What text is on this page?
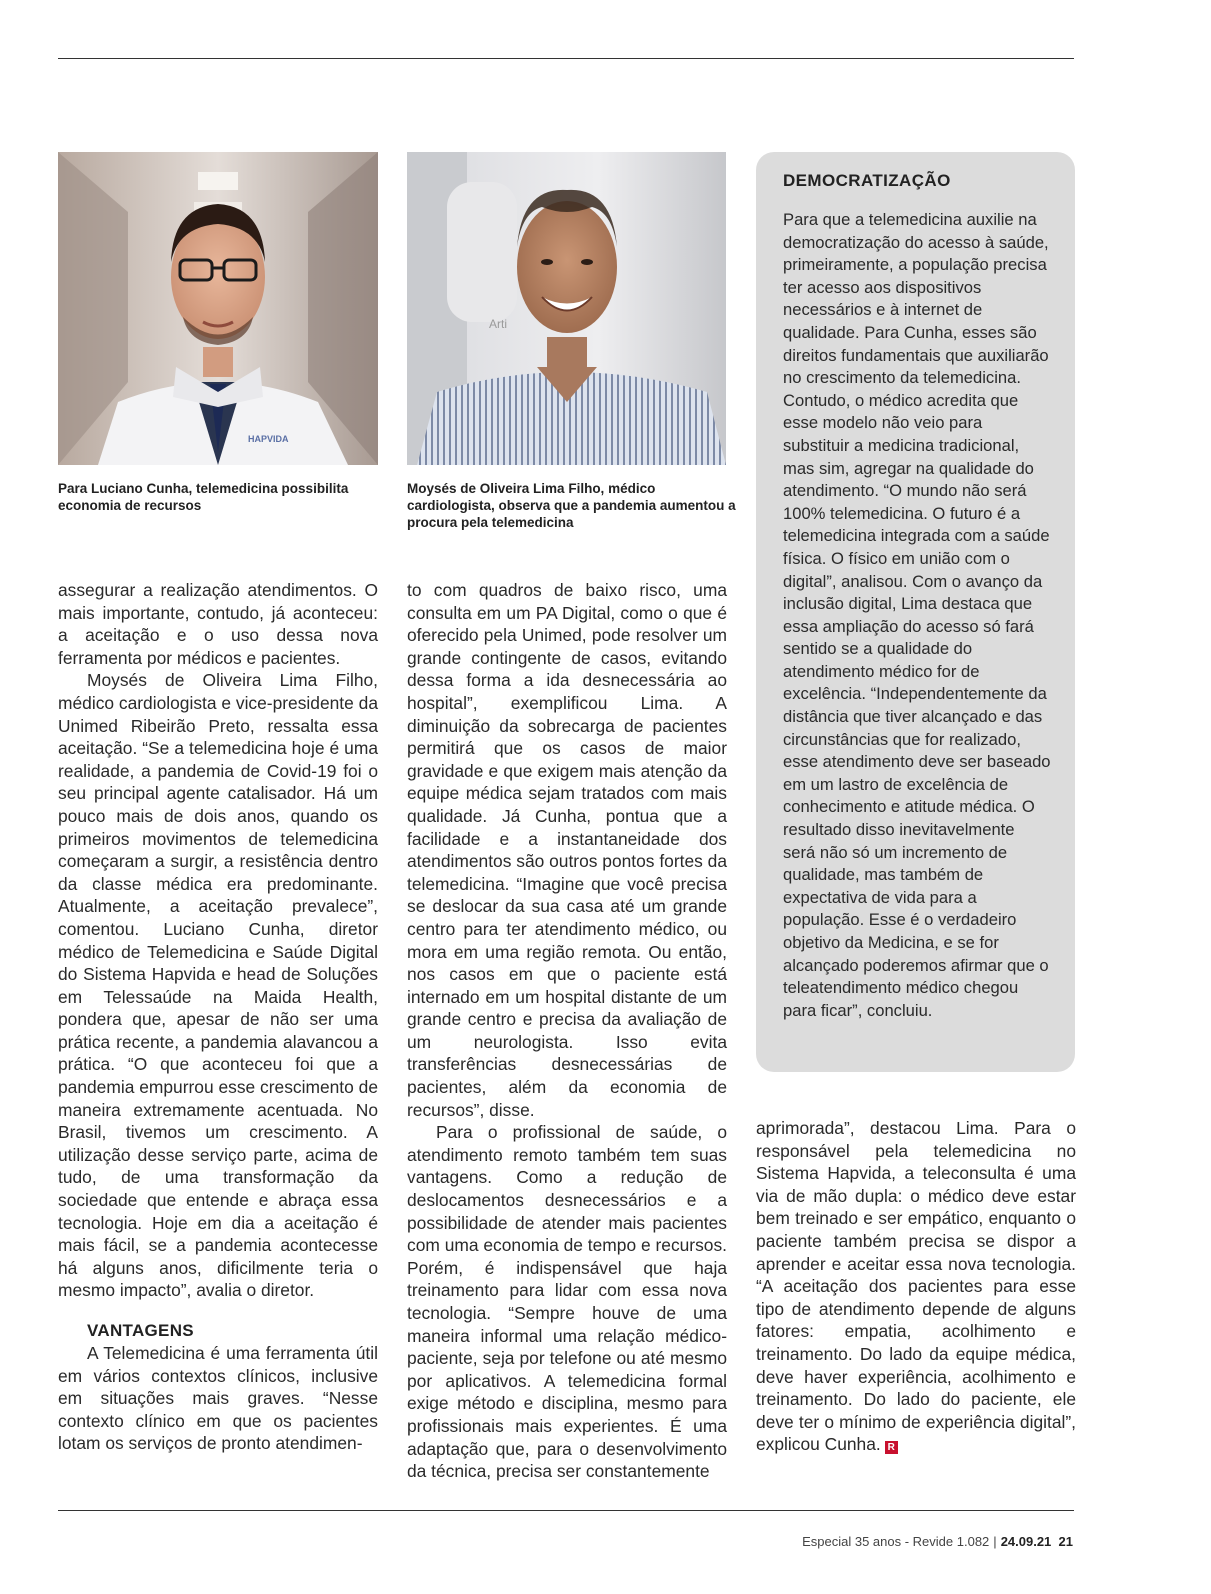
HAPVIDA
Arti
Para Luciano Cunha, telemedicina possibilita economia de recursos
Moysés de Oliveira Lima Filho, médico cardiologista, observa que a pandemia aumentou a procura pela telemedicina

assegurar a realização atendimentos. O mais importante, contudo, já aconteceu: a aceitação e o uso dessa nova ferramenta por médicos e pacientes.

Moysés de Oliveira Lima Filho, médico cardiologista e vice-presidente da Unimed Ribeirão Preto, ressalta essa aceitação. “Se a telemedicina hoje é uma realidade, a pandemia de Covid-19 foi o seu principal agente catalisador. Há um pouco mais de dois anos, quando os primeiros movimentos de telemedicina começaram a surgir, a resistência dentro da classe médica era predominante. Atualmente, a aceitação prevalece”, comentou. Luciano Cunha, diretor médico de Telemedicina e Saúde Digital do Sistema Hapvida e head de Soluções em Telessaúde na Maida Health, pondera que, apesar de não ser uma prática recente, a pandemia alavancou a prática. “O que aconteceu foi que a pandemia empurrou esse crescimento de maneira extremamente acentuada. No Brasil, tivemos um crescimento. A utilização desse serviço parte, acima de tudo, de uma transformação da sociedade que entende e abraça essa tecnologia. Hoje em dia a aceitação é mais fácil, se a pandemia acontecesse há alguns anos, dificilmente teria o mesmo impacto”, avalia o diretor.

VANTAGENS

A Telemedicina é uma ferramenta útil em vários contextos clínicos, inclusive em situações mais graves. “Nesse contexto clínico em que os pacientes lotam os serviços de pronto atendimen-

to com quadros de baixo risco, uma consulta em um PA Digital, como o que é oferecido pela Unimed, pode resolver um grande contingente de casos, evitando dessa forma a ida desnecessária ao hospital”, exemplificou Lima. A diminuição da sobrecarga de pacientes permitirá que os casos de maior gravidade e que exigem mais atenção da equipe médica sejam tratados com mais qualidade. Já Cunha, pontua que a facilidade e a instantaneidade dos atendimentos são outros pontos fortes da telemedicina. “Imagine que você precisa se deslocar da sua casa até um grande centro para ter atendimento médico, ou mora em uma região remota. Ou então, nos casos em que o paciente está internado em um hospital distante de um grande centro e precisa da avaliação de um neurologista. Isso evita transferências desnecessárias de pacientes, além da economia de recursos”, disse.

Para o profissional de saúde, o atendimento remoto também tem suas vantagens. Como a redução de deslocamentos desnecessários e a possibilidade de atender mais pacientes com uma economia de tempo e recursos. Porém, é indispensável que haja treinamento para lidar com essa nova tecnologia. “Sempre houve de uma maneira informal uma relação médico-paciente, seja por telefone ou até mesmo por aplicativos. A telemedicina formal exige método e disciplina, mesmo para profissionais mais experientes. É uma adaptação que, para o desenvolvimento da técnica, precisa ser constantemente

DEMOCRATIZAÇÃO

Para que a telemedicina auxilie na democratização do acesso à saúde, primeiramente, a população precisa ter acesso aos dispositivos necessários e à internet de qualidade. Para Cunha, esses são direitos fundamentais que auxiliarão no crescimento da telemedicina. Contudo, o médico acredita que esse modelo não veio para substituir a medicina tradicional, mas sim, agregar na qualidade do atendimento. “O mundo não será 100% telemedicina. O futuro é a telemedicina integrada com a saúde física. O físico em união com o digital”, analisou. Com o avanço da inclusão digital, Lima destaca que essa ampliação do acesso só fará sentido se a qualidade do atendimento médico for de excelência. “Independentemente da distância que tiver alcançado e das circunstâncias que for realizado, esse atendimento deve ser baseado em um lastro de excelência de conhecimento e atitude médica. O resultado disso inevitavelmente será não só um incremento de qualidade, mas também de expectativa de vida para a população. Esse é o verdadeiro objetivo da Medicina, e se for alcançado poderemos afirmar que o teleatendimento médico chegou para ficar”, concluiu.

aprimorada”, destacou Lima. Para o responsável pela telemedicina no Sistema Hapvida, a teleconsulta é uma via de mão dupla: o médico deve estar bem treinado e ser empático, enquanto o paciente também precisa se dispor a aprender e aceitar essa nova tecnologia. “A aceitação dos pacientes para esse tipo de atendimento depende de alguns fatores: empatia, acolhimento e treinamento. Do lado da equipe médica, deve haver experiência, acolhimento e treinamento. Do lado do paciente, ele deve ter o mínimo de experiência digital”, explicou Cunha. R

Especial 35 anos - Revide 1.082 | 24.09.21 21
